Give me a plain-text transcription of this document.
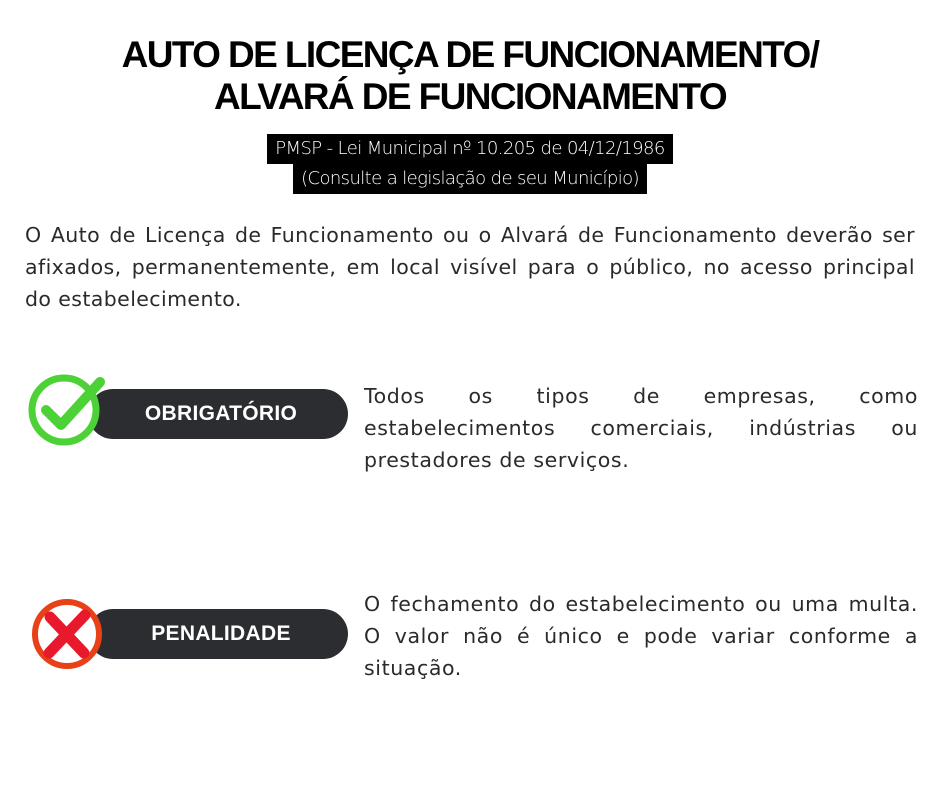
AUTO DE LICENÇA DE FUNCIONAMENTO/
ALVARÁ DE FUNCIONAMENTO
PMSP - Lei Municipal nº 10.205 de 04/12/1986
(Consulte a legislação de seu Município)

O Auto de Licença de Funcionamento ou o Alvará de Funcionamento deverão ser afixados, permanentemente, em local visível para o público, no acesso principal do estabelecimento.

OBRIGATÓRIO

Todos os tipos de empresas, como estabelecimentos comerciais, indústrias ou prestadores de serviços.

PENALIDADE

O fechamento do estabelecimento ou uma multa. O valor não é único e pode variar conforme a situação.
